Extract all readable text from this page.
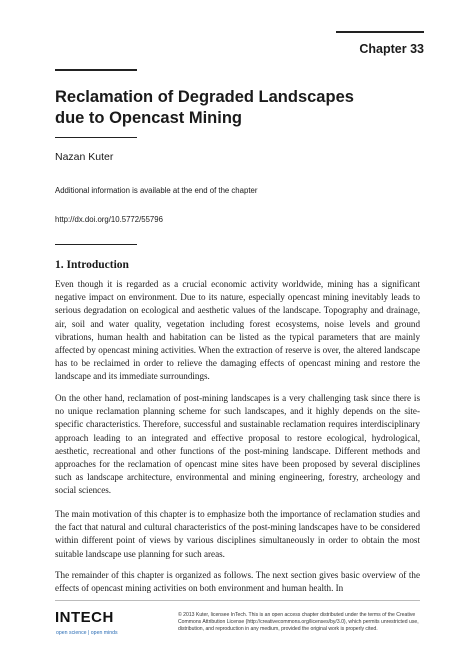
Chapter 33
Reclamation of Degraded Landscapes
due to Opencast Mining
Nazan Kuter
Additional information is available at the end of the chapter
http://dx.doi.org/10.5772/55796
1. Introduction

Even though it is regarded as a crucial economic activity worldwide, mining has a significant negative impact on environment. Due to its nature, especially opencast mining inevitably leads to serious degradation on ecological and aesthetic values of the landscape. Topography and drainage, air, soil and water quality, vegetation including forest ecosystems, noise levels and ground vibrations, human health and habitation can be listed as the typical parameters that are mainly affected by opencast mining activities. When the extraction of reserve is over, the altered landscape has to be reclaimed in order to relieve the damaging effects of opencast mining and restore the landscape and its immediate surroundings.

On the other hand, reclamation of post-mining landscapes is a very challenging task since there is no unique reclamation planning scheme for such landscapes, and it highly depends on the site-specific characteristics. Therefore, successful and sustainable reclamation requires interdisciplinary approach leading to an integrated and effective proposal to restore ecological, hydrological, aesthetic, recreational and other functions of the post-mining landscape. Different methods and approaches for the reclamation of opencast mine sites have been proposed by several disciplines such as landscape architecture, environmental and mining engineering, forestry, archeology and social sciences.

The main motivation of this chapter is to emphasize both the importance of reclamation studies and the fact that natural and cultural characteristics of the post-mining landscapes have to be considered within different point of views by various disciplines simultaneously in order to obtain the most suitable landscape use planning for such areas.

The remainder of this chapter is organized as follows. The next section gives basic overview of the effects of opencast mining activities on both environment and human health. In

INTECH
open science | open minds
© 2013 Kuter, licensee InTech. This is an open access chapter distributed under the terms of the Creative
Commons Attribution License (http://creativecommons.org/licenses/by/3.0), which permits unrestricted use,
distribution, and reproduction in any medium, provided the original work is properly cited.
